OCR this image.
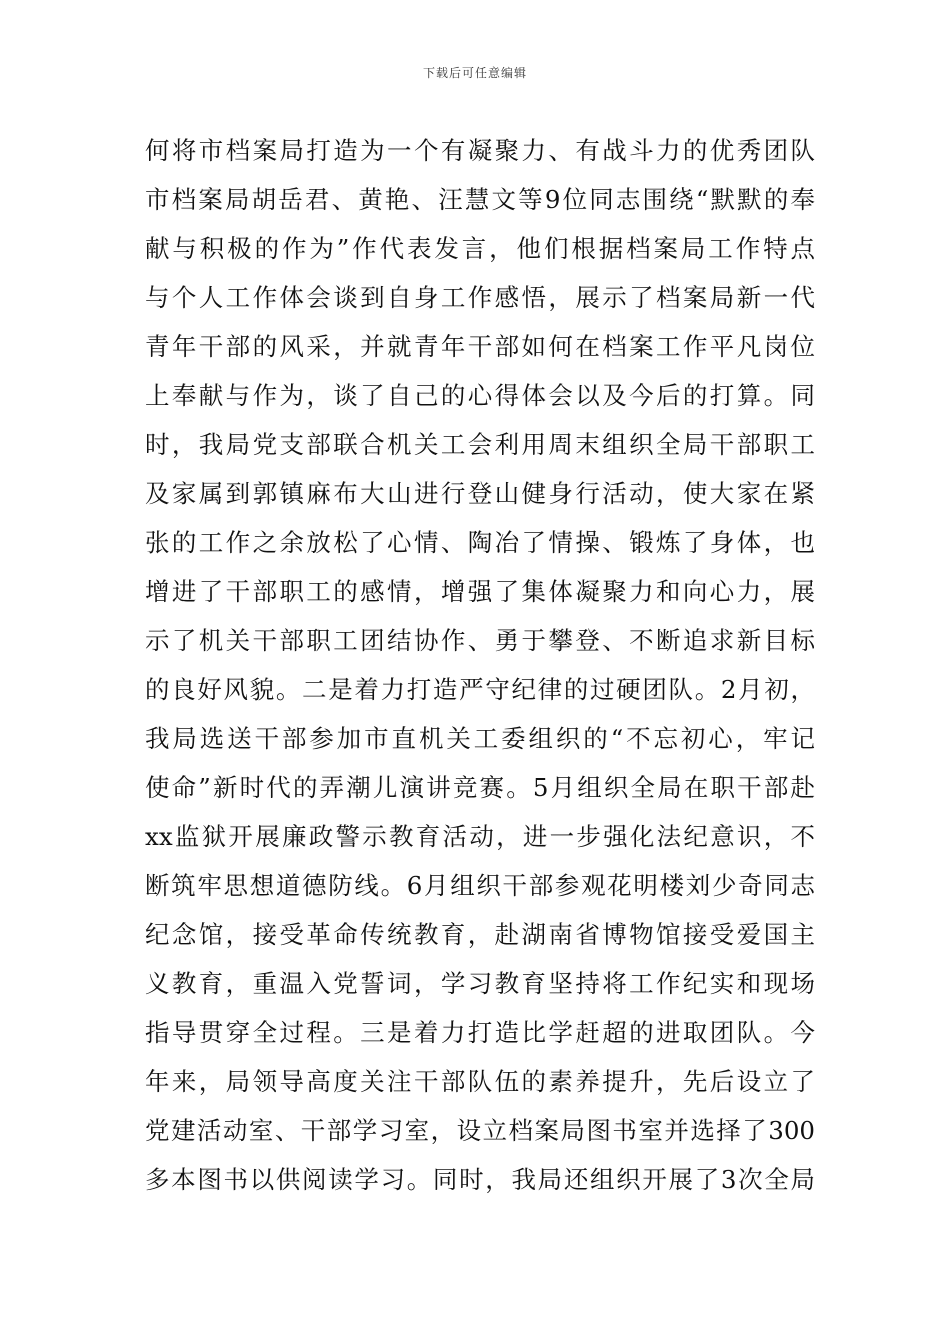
下载后可任意编辑
何将市档案局打造为一个有凝聚力、有战斗力的优秀团队
市档案局胡岳君、黄艳、汪慧文等9位同志围绕“默默的奉
献与积极的作为”作代表发言，他们根据档案局工作特点
与个人工作体会谈到自身工作感悟，展示了档案局新一代
青年干部的风采，并就青年干部如何在档案工作平凡岗位
上奉献与作为，谈了自己的心得体会以及今后的打算。同
时，我局党支部联合机关工会利用周末组织全局干部职工
及家属到郭镇麻布大山进行登山健身行活动，使大家在紧
张的工作之余放松了心情、陶冶了情操、锻炼了身体，也
增进了干部职工的感情，增强了集体凝聚力和向心力，展
示了机关干部职工团结协作、勇于攀登、不断追求新目标
的良好风貌。二是着力打造严守纪律的过硬团队。2月初，
我局选送干部参加市直机关工委组织的“不忘初心，牢记
使命”新时代的弄潮儿演讲竞赛。5月组织全局在职干部赴
xx监狱开展廉政警示教育活动，进一步强化法纪意识，不
断筑牢思想道德防线。6月组织干部参观花明楼刘少奇同志
纪念馆，接受革命传统教育，赴湖南省博物馆接受爱国主
义教育，重温入党誓词，学习教育坚持将工作纪实和现场
指导贯穿全过程。三是着力打造比学赶超的进取团队。今
年来，局领导高度关注干部队伍的素养提升，先后设立了
党建活动室、干部学习室，设立档案局图书室并选择了300
多本图书以供阅读学习。同时，我局还组织开展了3次全局
